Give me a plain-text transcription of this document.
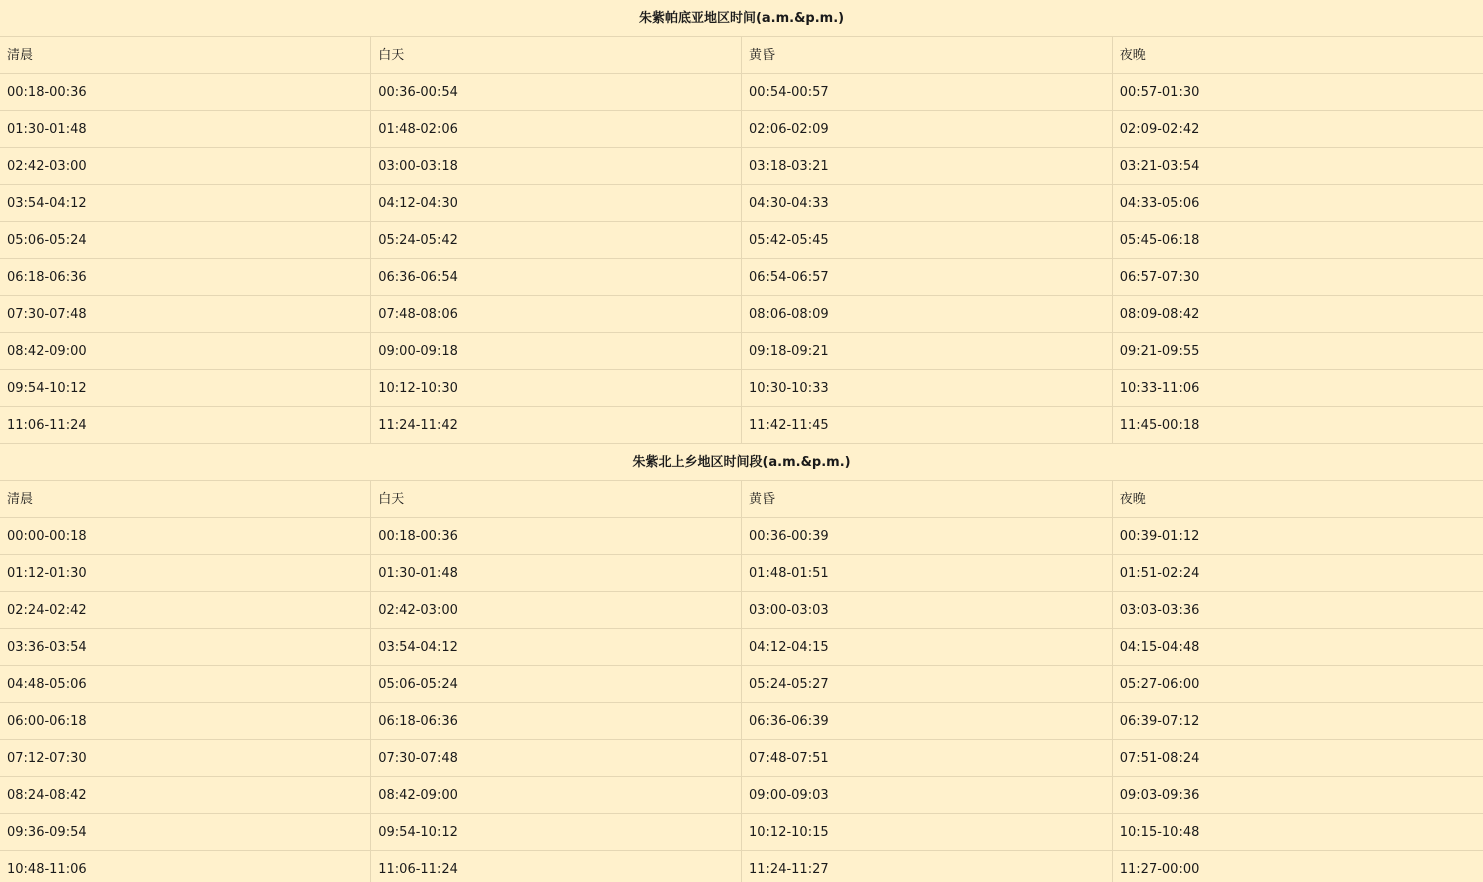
朱紫帕底亚地区时间(a.m.&p.m.)			
清晨	白天	黄昏	夜晚
00:18-00:36	00:36-00:54	00:54-00:57	00:57-01:30
01:30-01:48	01:48-02:06	02:06-02:09	02:09-02:42
02:42-03:00	03:00-03:18	03:18-03:21	03:21-03:54
03:54-04:12	04:12-04:30	04:30-04:33	04:33-05:06
05:06-05:24	05:24-05:42	05:42-05:45	05:45-06:18
06:18-06:36	06:36-06:54	06:54-06:57	06:57-07:30
07:30-07:48	07:48-08:06	08:06-08:09	08:09-08:42
08:42-09:00	09:00-09:18	09:18-09:21	09:21-09:55
09:54-10:12	10:12-10:30	10:30-10:33	10:33-11:06
11:06-11:24	11:24-11:42	11:42-11:45	11:45-00:18
朱紫北上乡地区时间段(a.m.&p.m.)			
清晨	白天	黄昏	夜晚
00:00-00:18	00:18-00:36	00:36-00:39	00:39-01:12
01:12-01:30	01:30-01:48	01:48-01:51	01:51-02:24
02:24-02:42	02:42-03:00	03:00-03:03	03:03-03:36
03:36-03:54	03:54-04:12	04:12-04:15	04:15-04:48
04:48-05:06	05:06-05:24	05:24-05:27	05:27-06:00
06:00-06:18	06:18-06:36	06:36-06:39	06:39-07:12
07:12-07:30	07:30-07:48	07:48-07:51	07:51-08:24
08:24-08:42	08:42-09:00	09:00-09:03	09:03-09:36
09:36-09:54	09:54-10:12	10:12-10:15	10:15-10:48
10:48-11:06	11:06-11:24	11:24-11:27	11:27-00:00
